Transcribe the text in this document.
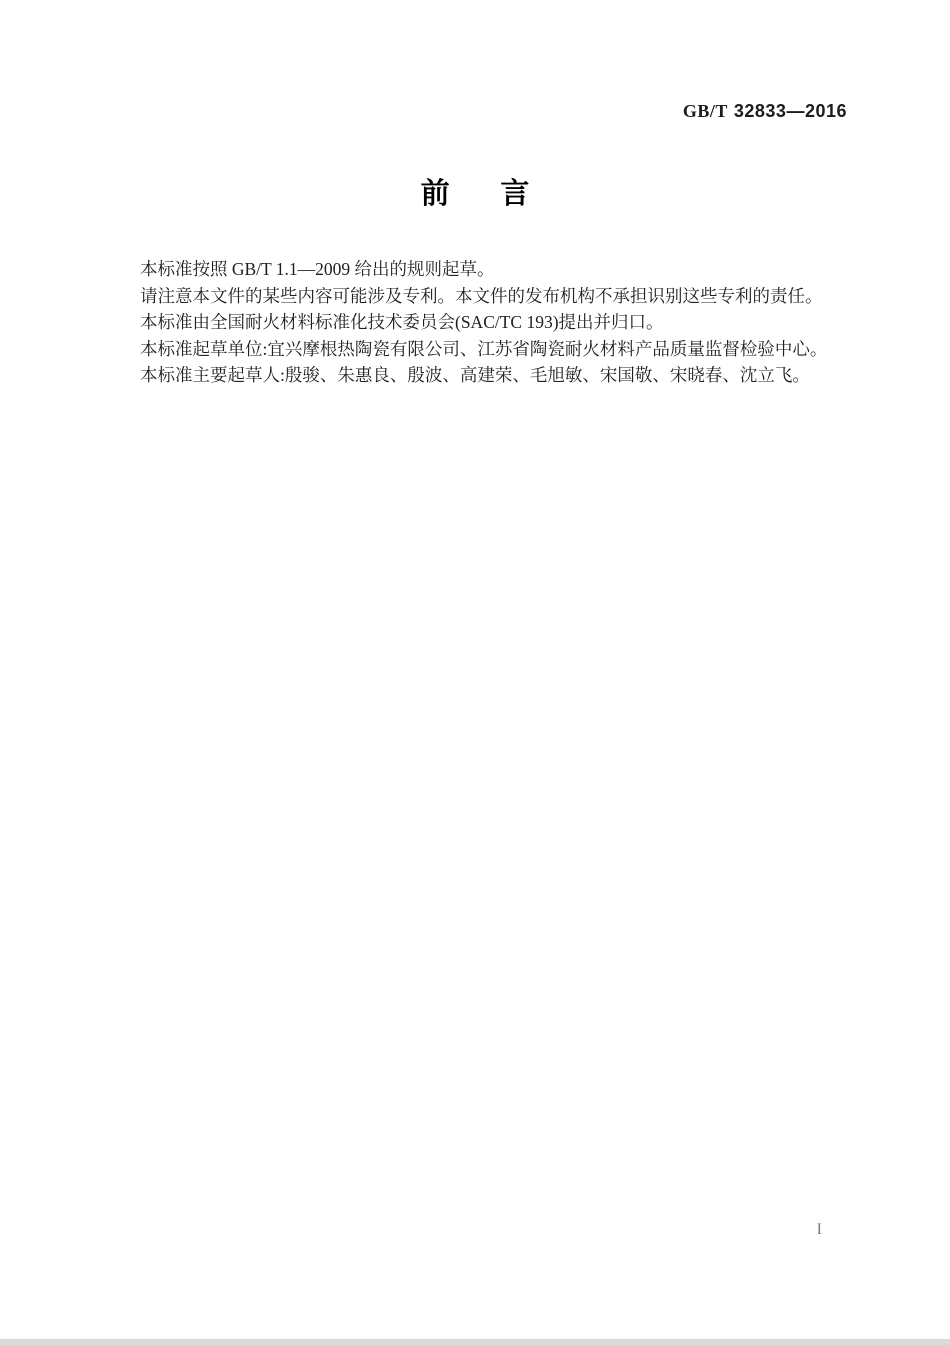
GB/T 32833—2016
前言

本标准按照 GB/T 1.1—2009 给出的规则起草。

请注意本文件的某些内容可能涉及专利。本文件的发布机构不承担识别这些专利的责任。

本标准由全国耐火材料标准化技术委员会(SAC/TC 193)提出并归口。

本标准起草单位:宜兴摩根热陶瓷有限公司、江苏省陶瓷耐火材料产品质量监督检验中心。

本标准主要起草人:殷骏、朱惠良、殷波、高建荣、毛旭敏、宋国敬、宋晓春、沈立飞。

I
